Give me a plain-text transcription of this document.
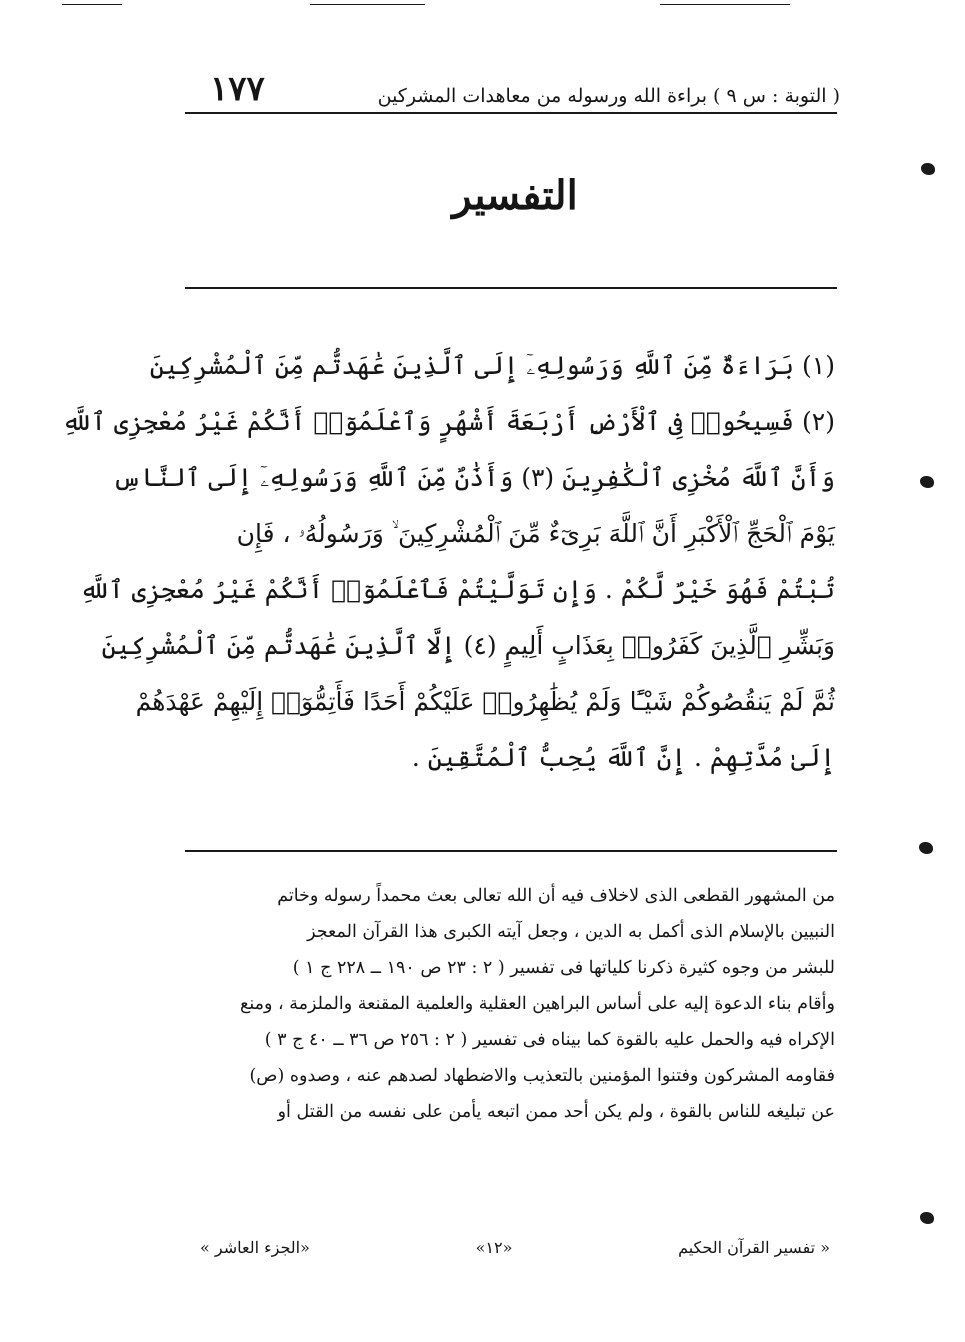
١٧٧	( التوبة : س ٩ ) براءة الله ورسوله من معاهدات المشركين
التفسير
(١) بَرَاءَةٌ مِّنَ ٱللَّهِ وَرَسُولِهِۦٓ إِلَى ٱلَّذِينَ عَٰهَدتُّم مِّنَ ٱلْمُشْرِكِينَ
(٢) فَسِيحُوا۟ فِى ٱلْأَرْضِ أَرْبَعَةَ أَشْهُرٍ وَٱعْلَمُوٓا۟ أَنَّكُمْ غَيْرُ مُعْجِزِى ٱللَّهِ
وَأَنَّ ٱللَّهَ مُخْزِى ٱلْكَٰفِرِينَ (٣) وَأَذَٰنٌ مِّنَ ٱللَّهِ وَرَسُولِهِۦٓ إِلَى ٱلنَّاسِ
يَوْمَ ٱلْحَجِّ ٱلْأَكْبَرِ أَنَّ ٱللَّهَ بَرِىٓءٌ مِّنَ ٱلْمُشْرِكِينَ ۙ وَرَسُولُهُۥ ، فَإِن
تُبْتُمْ فَهُوَ خَيْرٌ لَّكُمْ . وَإِن تَوَلَّيْتُمْ فَٱعْلَمُوٓا۟ أَنَّكُمْ غَيْرُ مُعْجِزِى ٱللَّهِ
وَبَشِّرِ ٱلَّذِينَ كَفَرُوا۟ بِعَذَابٍ أَلِيمٍ (٤) إِلَّا ٱلَّذِينَ عَٰهَدتُّم مِّنَ ٱلْمُشْرِكِينَ
ثُمَّ لَمْ يَنقُصُوكُمْ شَيْـًٔا وَلَمْ يُظَٰهِرُوا۟ عَلَيْكُمْ أَحَدًا فَأَتِمُّوٓا۟ إِلَيْهِمْ عَهْدَهُمْ
إِلَىٰ مُدَّتِهِمْ . إِنَّ ٱللَّهَ يُحِبُّ ٱلْمُتَّقِينَ .
من المشهور القطعى الذى لاخلاف فيه أن الله تعالى بعث محمداً رسوله وخاتم
النبيين بالإسلام الذى أكمل به الدين ، وجعل آيته الكبرى هذا القرآن المعجز
للبشر من وجوه كثيرة ذكرنا كلياتها فى تفسير ( ٢ : ٢٣ ص ١٩٠ ــ ٢٢٨ ج ١ )
وأقام بناء الدعوة إليه على أساس البراهين العقلية والعلمية المقنعة والملزمة ، ومنع
الإكراه فيه والحمل عليه بالقوة كما بيناه فى تفسير ( ٢ : ٢٥٦ ص ٣٦ ــ ٤٠ ج ٣ )
فقاومه المشركون وفتنوا المؤمنين بالتعذيب والاضطهاد لصدهم عنه ، وصدوه (ص)
عن تبليغه للناس بالقوة ، ولم يكن أحد ممن اتبعه يأمن على نفسه من القتل أو
« تفسير القرآن الحكيم
«١٢»
«الجزء العاشر »
